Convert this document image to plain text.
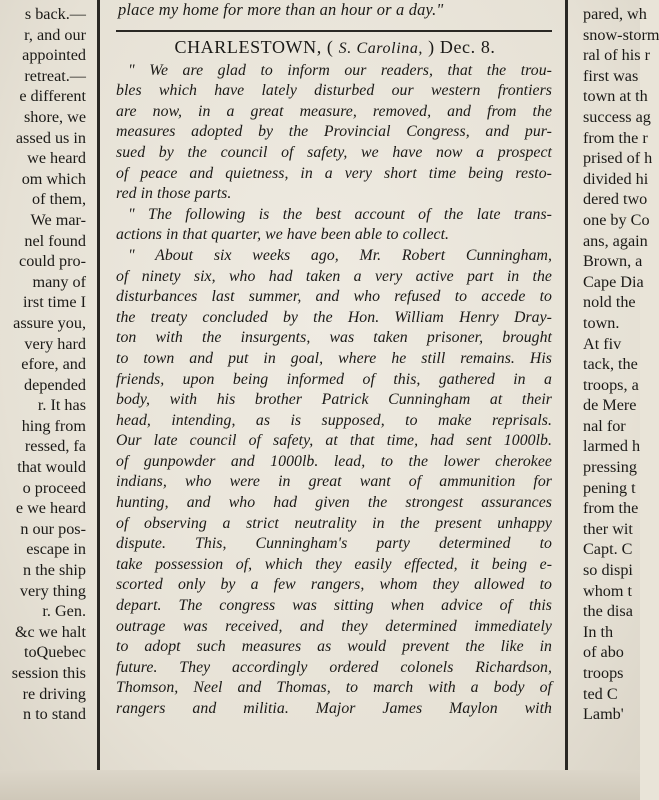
s back.—
r, and our
appointed
retreat.—
e different
shore, we
assed us in
we heard
om which
of them,
We mar-
nel found
could pro-
many of
irst time I
assure you,
very hard
efore, and
depended
r. It has
hing from
ressed, fa
that would
o proceed
e we heard
n our pos-
escape in
n the ship
very thing
r. Gen.
&c we halt
toQuebec
session this
re driving
n to stand
place my home for more than an hour or a day."
CHARLESTOWN, ( S. Carolina, ) Dec. 8.
" We are glad to inform our readers, that the trou-
bles which have lately disturbed our western frontiers
are now, in a great measure, removed, and from the
measures adopted by the Provincial Congress, and pur-
sued by the council of safety, we have now a prospect
of peace and quietness, in a very short time being resto-
red in those parts.
" The following is the best account of the late trans-
actions in that quarter, we have been able to collect.
" About six weeks ago, Mr. Robert Cunningham,
of ninety six, who had taken a very active part in the
disturbances last summer, and who refused to accede to
the treaty concluded by the Hon. William Henry Dray-
ton with the insurgents, was taken prisoner, brought
to town and put in goal, where he still remains. His
friends, upon being informed of this, gathered in a
body, with his brother Patrick Cunningham at their
head, intending, as is supposed, to make reprisals.
Our late council of safety, at that time, had sent 1000lb.
of gunpowder and 1000lb. lead, to the lower cherokee
indians, who were in great want of ammunition for
hunting, and who had given the strongest assurances
of observing a strict neutrality in the present unhappy
dispute. This, Cunningham's party determined to
take possession of, which they easily effected, it being e-
scorted only by a few rangers, whom they allowed to
depart. The congress was sitting when advice of this
outrage was received, and they determined immediately
to adopt such measures as would prevent the like in
future. They accordingly ordered colonels Richardson,
Thomson, Neel and Thomas, to march with a body of
rangers and militia. Major James Maylon with
pared, wh
snow-storm
ral of his r
first was
town at th
success ag
from the r
prised of h
divided hi
dered two
one by Co
ans, again
Brown, a
Cape Dia
nold the
town.
At fiv
tack, the
troops, a
de Mere
nal for
larmed h
pressing
pening t
from the
ther wit
Capt. C
so dispi
whom t
the disa
In th
of abo
troops
ted C
Lamb'
